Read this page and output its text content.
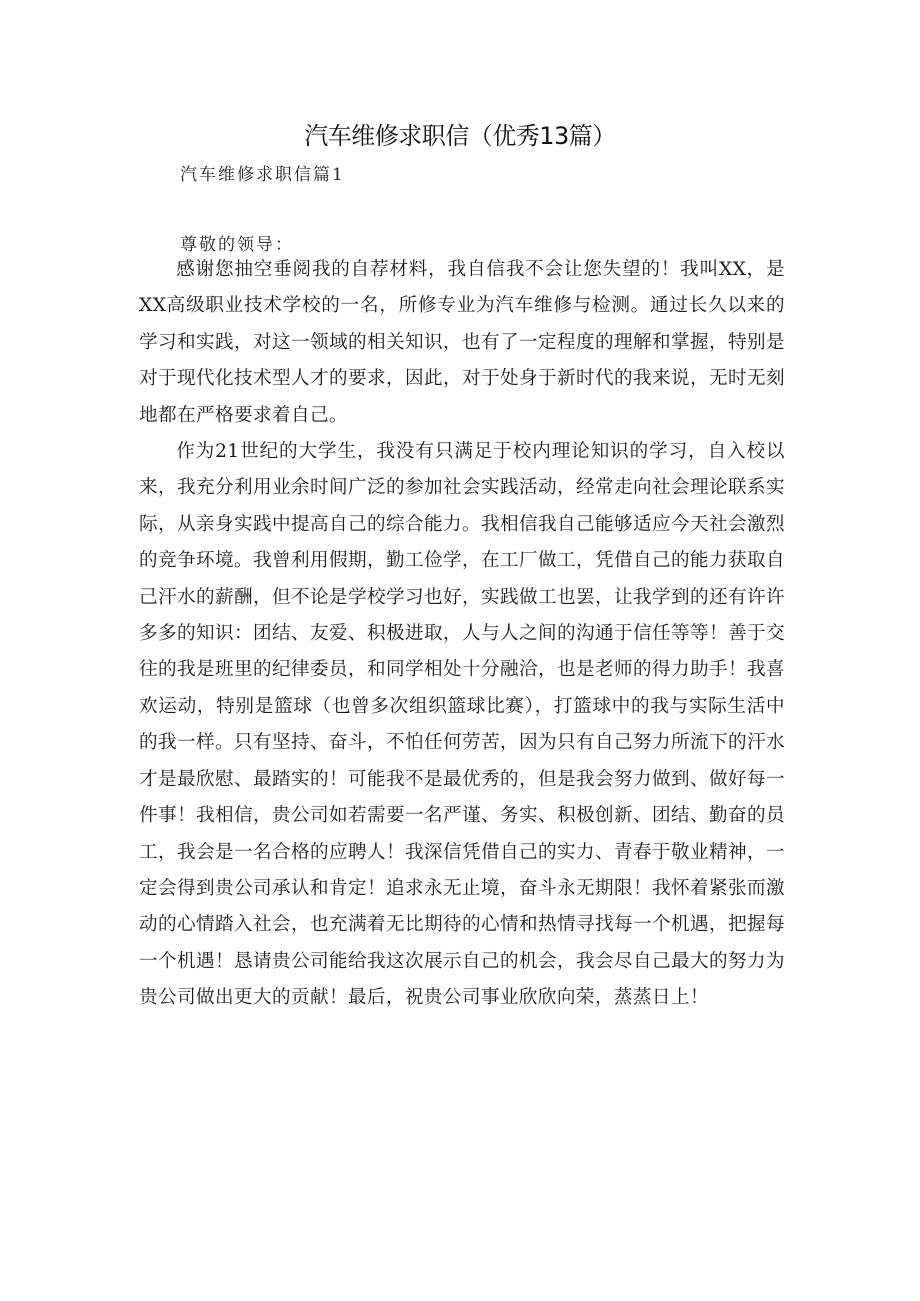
汽车维修求职信（优秀13篇）

汽车维修求职信篇1

尊敬的领导：

感谢您抽空垂阅我的自荐材料，我自信我不会让您失望的！我叫XX，是XX高级职业技术学校的一名，所修专业为汽车维修与检测。通过长久以来的学习和实践，对这一领域的相关知识，也有了一定程度的理解和掌握，特别是对于现代化技术型人才的要求，因此，对于处身于新时代的我来说，无时无刻地都在严格要求着自己。

作为21世纪的大学生，我没有只满足于校内理论知识的学习，自入校以来，我充分利用业余时间广泛的参加社会实践活动，经常走向社会理论联系实际，从亲身实践中提高自己的综合能力。我相信我自己能够适应今天社会激烈的竞争环境。我曾利用假期，勤工俭学，在工厂做工，凭借自己的能力获取自己汗水的薪酬，但不论是学校学习也好，实践做工也罢，让我学到的还有许许多多的知识：团结、友爱、积极进取，人与人之间的沟通于信任等等！善于交往的我是班里的纪律委员，和同学相处十分融洽，也是老师的得力助手！我喜欢运动，特别是篮球（也曾多次组织篮球比赛），打篮球中的我与实际生活中的我一样。只有坚持、奋斗，不怕任何劳苦，因为只有自己努力所流下的汗水才是最欣慰、最踏实的！可能我不是最优秀的，但是我会努力做到、做好每一件事！我相信，贵公司如若需要一名严谨、务实、积极创新、团结、勤奋的员工，我会是一名合格的应聘人！我深信凭借自己的实力、青春于敬业精神，一定会得到贵公司承认和肯定！追求永无止境，奋斗永无期限！我怀着紧张而激动的心情踏入社会，也充满着无比期待的心情和热情寻找每一个机遇，把握每一个机遇！恳请贵公司能给我这次展示自己的机会，我会尽自己最大的努力为贵公司做出更大的贡献！最后，祝贵公司事业欣欣向荣，蒸蒸日上！
